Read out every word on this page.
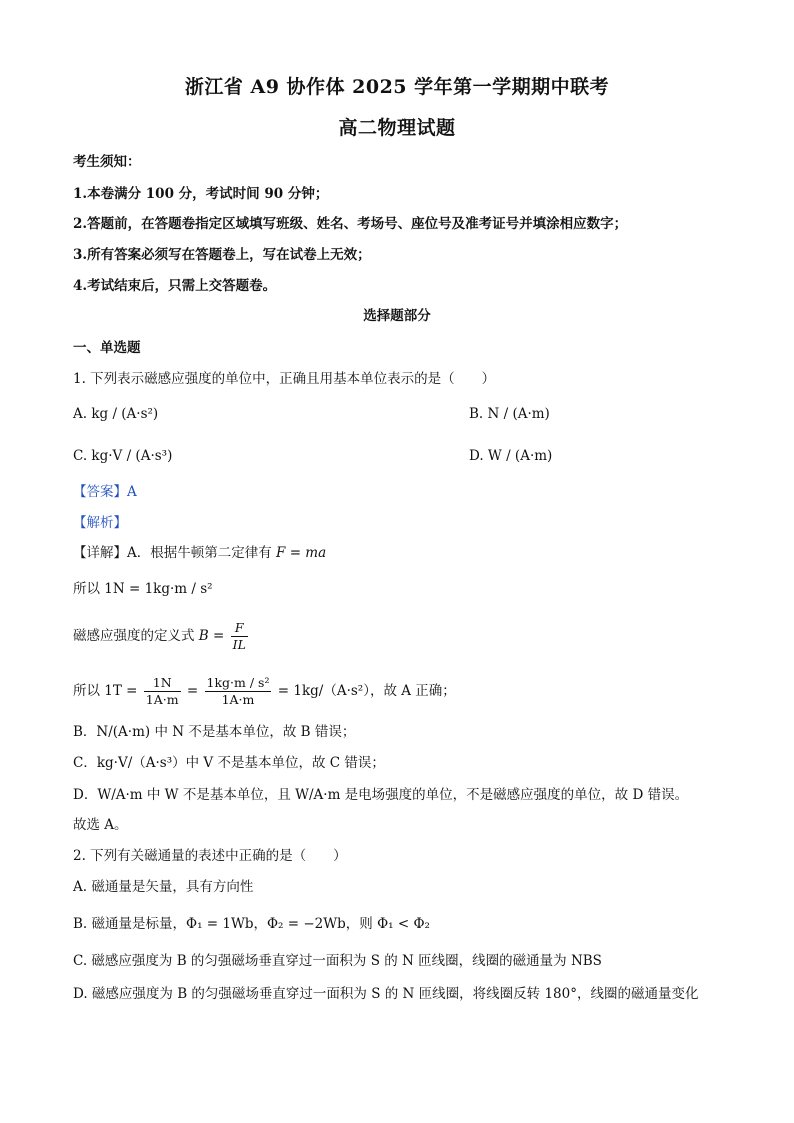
浙江省 A9 协作体 2025 学年第一学期期中联考
高二物理试题
考生须知：
1.本卷满分 100 分，考试时间 90 分钟；
2.答题前，在答题卷指定区域填写班级、姓名、考场号、座位号及准考证号并填涂相应数字；
3.所有答案必须写在答题卷上，写在试卷上无效；
4.考试结束后，只需上交答题卷。
选择题部分
一、单选题
1. 下列表示磁感应强度的单位中，正确且用基本单位表示的是（　　）
A. kg / (A·s²)	B. N / (A·m)
C. kg·V / (A·s³)	D. W / (A·m)
【答案】A
【解析】
【详解】A．根据牛顿第二定律有 F = ma
所以 1N = 1kg·m / s²
磁感应强度的定义式 $B = \frac{F}{IL}$
所以 $1T = \frac{1N}{1A\cdot m} = \frac{\text{1kg·m / s²}}{1A\cdot m} = 1kg/(A\cdot s^2)$，故 A 正确；
B．N/(A·m) 中 N 不是基本单位，故 B 错误；
C．kg·V/（A·s³）中 V 不是基本单位，故 C 错误；
D．W/A·m 中 W 不是基本单位，且 W/A·m 是电场强度的单位，不是磁感应强度的单位，故 D 错误。
故选 A。
2. 下列有关磁通量的表述中正确的是（　　）
A. 磁通量是矢量，具有方向性
B. 磁通量是标量，Φ₁ = 1Wb，Φ₂ = −2Wb，则 Φ₁ < Φ₂
C. 磁感应强度为 B 的匀强磁场垂直穿过一面积为 S 的 N 匝线圈，线圈的磁通量为 NBS
D. 磁感应强度为 B 的匀强磁场垂直穿过一面积为 S 的 N 匝线圈，将线圈反转 180°，线圈的磁通量变化
